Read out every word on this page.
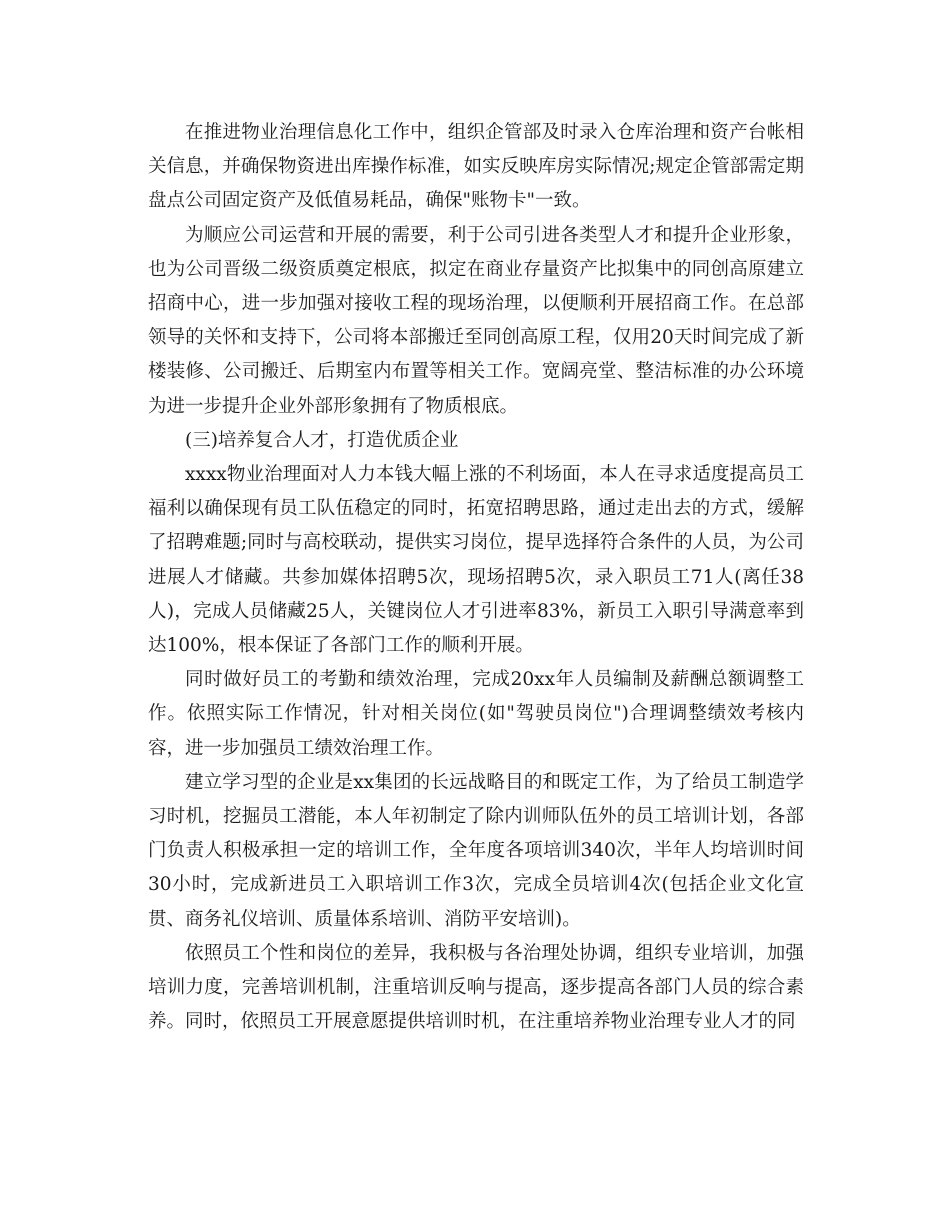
在推进物业治理信息化工作中，组织企管部及时录入仓库治理和资产台帐相关信息，并确保物资进出库操作标准，如实反映库房实际情况;规定企管部需定期盘点公司固定资产及低值易耗品，确保"账物卡"一致。

为顺应公司运营和开展的需要，利于公司引进各类型人才和提升企业形象，也为公司晋级二级资质奠定根底，拟定在商业存量资产比拟集中的同创高原建立招商中心，进一步加强对接收工程的现场治理，以便顺利开展招商工作。在总部领导的关怀和支持下，公司将本部搬迁至同创高原工程，仅用20天时间完成了新楼装修、公司搬迁、后期室内布置等相关工作。宽阔亮堂、整洁标准的办公环境为进一步提升企业外部形象拥有了物质根底。

(三)培养复合人才，打造优质企业

xxxx物业治理面对人力本钱大幅上涨的不利场面，本人在寻求适度提高员工福利以确保现有员工队伍稳定的同时，拓宽招聘思路，通过走出去的方式，缓解了招聘难题;同时与高校联动，提供实习岗位，提早选择符合条件的人员，为公司进展人才储藏。共参加媒体招聘5次，现场招聘5次，录入职员工71人(离任38人)，完成人员储藏25人，关键岗位人才引进率83%，新员工入职引导满意率到达100%，根本保证了各部门工作的顺利开展。

同时做好员工的考勤和绩效治理，完成20xx年人员编制及薪酬总额调整工作。依照实际工作情况，针对相关岗位(如"驾驶员岗位")合理调整绩效考核内容，进一步加强员工绩效治理工作。

建立学习型的企业是xx集团的长远战略目的和既定工作，为了给员工制造学习时机，挖掘员工潜能，本人年初制定了除内训师队伍外的员工培训计划，各部门负责人积极承担一定的培训工作，全年度各项培训340次，半年人均培训时间30小时，完成新进员工入职培训工作3次，完成全员培训4次(包括企业文化宣贯、商务礼仪培训、质量体系培训、消防平安培训)。

依照员工个性和岗位的差异，我积极与各治理处协调，组织专业培训，加强培训力度，完善培训机制，注重培训反响与提高，逐步提高各部门人员的综合素养。同时，依照员工开展意愿提供培训时机，在注重培养物业治理专业人才的同
